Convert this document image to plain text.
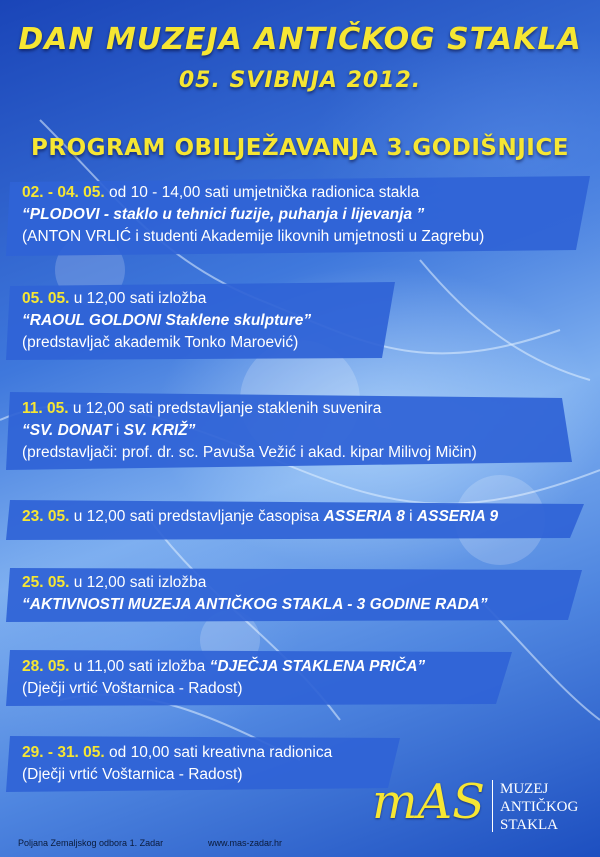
DAN MUZEJA ANTIČKOG STAKLA
05. SVIBNJA 2012.
PROGRAM OBILJEŽAVANJA 3.GODIŠNJICE
02. - 04. 05. od 10 - 14,00 sati umjetnička radionica stakla
“PLODOVI - staklo u tehnici fuzije, puhanja i lijevanja ”
(ANTON VRLIĆ i studenti Akademije likovnih umjetnosti u Zagrebu)
05. 05. u 12,00 sati izložba
“RAOUL GOLDONI Staklene skulpture”
(predstavljač akademik Tonko Maroević)
11. 05. u 12,00 sati predstavljanje staklenih suvenira
“SV. DONAT i SV. KRIŽ”
(predstavljači: prof. dr. sc. Pavuša Vežić i akad. kipar Milivoj Mičin)
23. 05. u 12,00 sati predstavljanje časopisa ASSERIA 8 i ASSERIA 9
25. 05. u 12,00 sati izložba
“AKTIVNOSTI MUZEJA ANTIČKOG STAKLA - 3 GODINE RADA”
28. 05. u 11,00 sati izložba “DJEČJA STAKLENA PRIČA”
(Dječji vrtić Voštarnica - Radost)
29. - 31. 05. od 10,00 sati kreativna radionica
(Dječji vrtić Voštarnica - Radost)	mAS MUZEJ
ANTIČKOG
STAKLA
Poljana Zemaljskog odbora 1. Zadar	www.mas-zadar.hr
